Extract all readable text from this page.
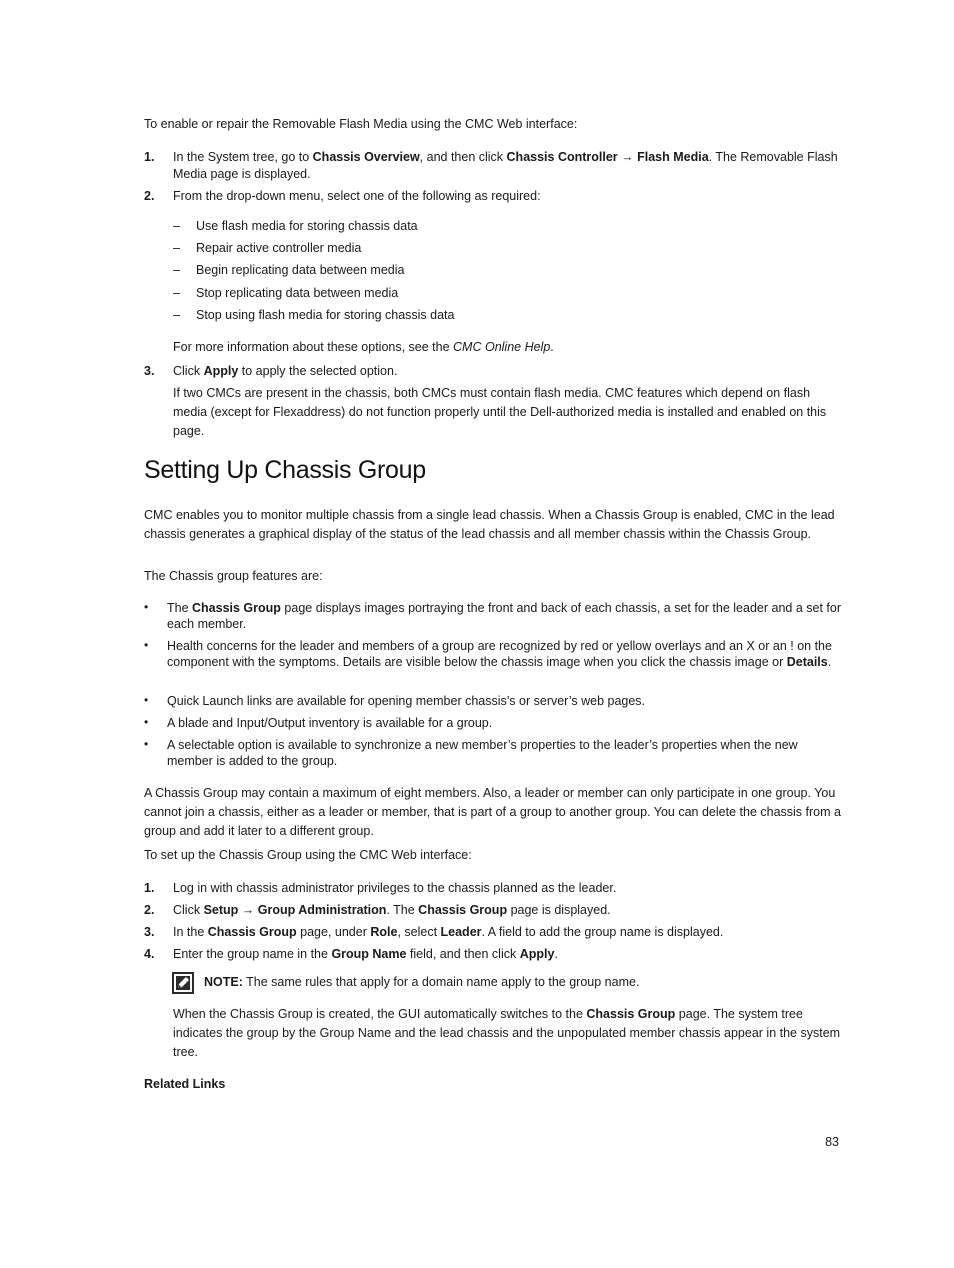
To enable or repair the Removable Flash Media using the CMC Web interface:
1. In the System tree, go to Chassis Overview, and then click Chassis Controller → Flash Media. The Removable Flash Media page is displayed.
2. From the drop-down menu, select one of the following as required:
– Use flash media for storing chassis data
– Repair active controller media
– Begin replicating data between media
– Stop replicating data between media
– Stop using flash media for storing chassis data
For more information about these options, see the CMC Online Help.
3. Click Apply to apply the selected option.
If two CMCs are present in the chassis, both CMCs must contain flash media. CMC features which depend on flash media (except for Flexaddress) do not function properly until the Dell-authorized media is installed and enabled on this page.
Setting Up Chassis Group
CMC enables you to monitor multiple chassis from a single lead chassis. When a Chassis Group is enabled, CMC in the lead chassis generates a graphical display of the status of the lead chassis and all member chassis within the Chassis Group.
The Chassis group features are:
• The Chassis Group page displays images portraying the front and back of each chassis, a set for the leader and a set for each member.
• Health concerns for the leader and members of a group are recognized by red or yellow overlays and an X or an ! on the component with the symptoms. Details are visible below the chassis image when you click the chassis image or Details.
• Quick Launch links are available for opening member chassis’s or server’s web pages.
• A blade and Input/Output inventory is available for a group.
• A selectable option is available to synchronize a new member’s properties to the leader’s properties when the new member is added to the group.
A Chassis Group may contain a maximum of eight members. Also, a leader or member can only participate in one group. You cannot join a chassis, either as a leader or member, that is part of a group to another group. You can delete the chassis from a group and add it later to a different group.
To set up the Chassis Group using the CMC Web interface:
1. Log in with chassis administrator privileges to the chassis planned as the leader.
2. Click Setup → Group Administration. The Chassis Group page is displayed.
3. In the Chassis Group page, under Role, select Leader. A field to add the group name is displayed.
4. Enter the group name in the Group Name field, and then click Apply.
NOTE: The same rules that apply for a domain name apply to the group name.
When the Chassis Group is created, the GUI automatically switches to the Chassis Group page. The system tree indicates the group by the Group Name and the lead chassis and the unpopulated member chassis appear in the system tree.
Related Links
83
